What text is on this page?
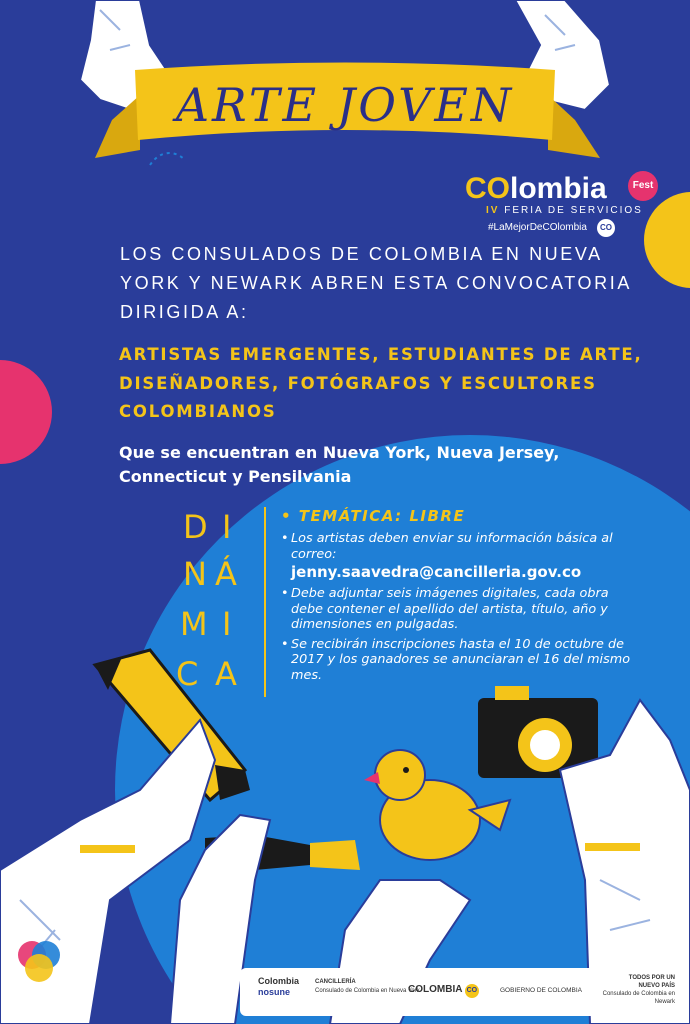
ARTE JOVEN
COlombia	Fest
IV FERIA DE SERVICIOS
#LaMejorDeCOlombia	CO
LOS CONSULADOS DE COLOMBIA EN NUEVA YORK Y NEWARK ABREN ESTA CONVOCATORIA DIRIGIDA A:
ARTISTAS EMERGENTES, ESTUDIANTES DE ARTE, DISEÑADORES, FOTÓGRAFOS Y ESCULTORES COLOMBIANOS
Que se encuentran en Nueva York, Nueva Jersey, Connecticut y Pensilvania
D I
N Á
M I
C A
• TEMÁTICA: LIBRE
• Los artistas deben enviar su información básica al correo:
jenny.saavedra@cancilleria.gov.co
• Debe adjuntar seis imágenes digitales, cada obra debe contener el apellido del artista, título, año y dimensiones en pulgadas.
• Se recibirán inscripciones hasta el 10 de octubre de 2017 y los ganadores se anunciaran el 16 del mismo mes.
Colombia
nosune
CANCILLERÍA
Consulado de Colombia en Nueva York
COLOMBIA CO	GOBIERNO DE COLOMBIA
TODOS POR UN
NUEVO PAÍS
Consulado de Colombia en Newark
